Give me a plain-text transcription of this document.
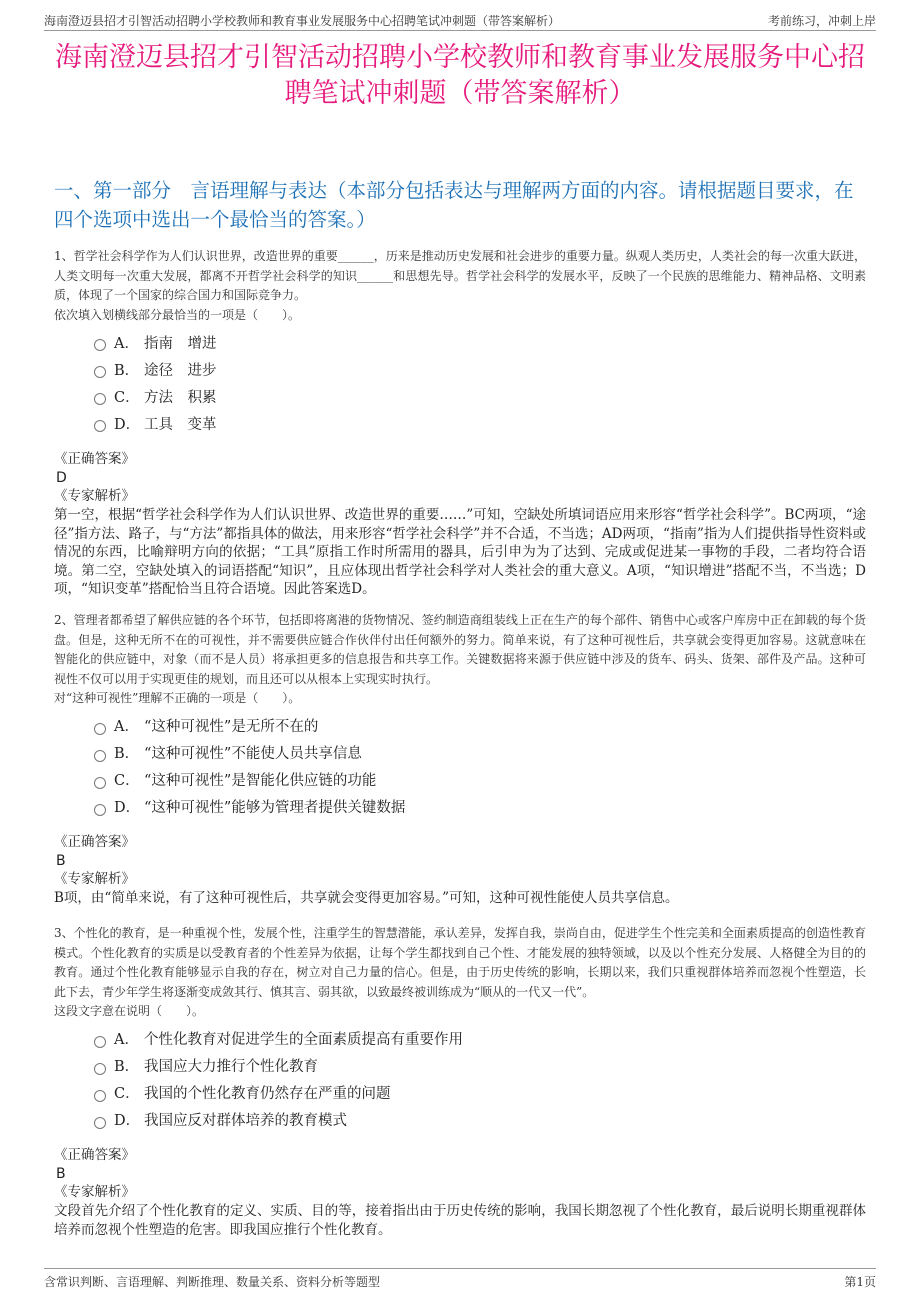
海南澄迈县招才引智活动招聘小学校教师和教育事业发展服务中心招聘笔试冲刺题（带答案解析）	考前练习，冲刺上岸
海南澄迈县招才引智活动招聘小学校教师和教育事业发展服务中心招聘笔试冲刺题（带答案解析）
一、第一部分　言语理解与表达（本部分包括表达与理解两方面的内容。请根据题目要求，在四个选项中选出一个最恰当的答案。）

1、哲学社会科学作为人们认识世界，改造世界的重要______，历来是推动历史发展和社会进步的重要力量。纵观人类历史，人类社会的每一次重大跃进，人类文明每一次重大发展，都离不开哲学社会科学的知识______和思想先导。哲学社会科学的发展水平，反映了一个民族的思维能力、精神品格、文明素质，体现了一个国家的综合国力和国际竞争力。

依次填入划横线部分最恰当的一项是（　　）。

A． 指南　增进
B． 途径　进步
C． 方法　积累
D． 工具　变革

《正确答案》

D

《专家解析》

第一空，根据“哲学社会科学作为人们认识世界、改造世界的重要……”可知，空缺处所填词语应用来形容“哲学社会科学”。BC两项，“途径”指方法、路子，与“方法”都指具体的做法，用来形容“哲学社会科学”并不合适，不当选；AD两项，“指南”指为人们提供指导性资料或情况的东西，比喻辩明方向的依据；“工具”原指工作时所需用的器具，后引申为为了达到、完成或促进某一事物的手段，二者均符合语境。第二空，空缺处填入的词语搭配“知识”，且应体现出哲学社会科学对人类社会的重大意义。A项，“知识增进”搭配不当，不当选；D项，“知识变革”搭配恰当且符合语境。因此答案选D。

2、管理者都希望了解供应链的各个环节，包括即将离港的货物情况、签约制造商组装线上正在生产的每个部件、销售中心或客户库房中正在卸载的每个货盘。但是，这种无所不在的可视性，并不需要供应链合作伙伴付出任何额外的努力。简单来说，有了这种可视性后，共享就会变得更加容易。这就意味在智能化的供应链中，对象（而不是人员）将承担更多的信息报告和共享工作。关键数据将来源于供应链中涉及的货车、码头、货架、部件及产品。这种可视性不仅可以用于实现更佳的规划，而且还可以从根本上实现实时执行。

对“这种可视性”理解不正确的一项是（　　）。

A． “这种可视性”是无所不在的
B． “这种可视性”不能使人员共享信息
C． “这种可视性”是智能化供应链的功能
D． “这种可视性”能够为管理者提供关键数据

《正确答案》

B

《专家解析》

B项，由“简单来说，有了这种可视性后，共享就会变得更加容易。”可知，这种可视性能使人员共享信息。

3、个性化的教育，是一种重视个性，发展个性，注重学生的智慧潜能，承认差异，发挥自我，崇尚自由，促进学生个性完美和全面素质提高的创造性教育模式。个性化教育的实质是以受教育者的个性差异为依据，让每个学生都找到自己个性、才能发展的独特领域，以及以个性充分发展、人格健全为目的的教育。通过个性化教育能够显示自我的存在，树立对自己力量的信心。但是，由于历史传统的影响，长期以来，我们只重视群体培养而忽视个性塑造，长此下去，青少年学生将逐渐变成敛其行、慎其言、弱其欲，以致最终被训练成为“顺从的一代又一代”。

这段文字意在说明（　　）。

A． 个性化教育对促进学生的全面素质提高有重要作用
B． 我国应大力推行个性化教育
C． 我国的个性化教育仍然存在严重的问题
D． 我国应反对群体培养的教育模式

《正确答案》

B

《专家解析》

文段首先介绍了个性化教育的定义、实质、目的等，接着指出由于历史传统的影响，我国长期忽视了个性化教育，最后说明长期重视群体培养而忽视个性塑造的危害。即我国应推行个性化教育。

含常识判断、言语理解、判断推理、数量关系、资料分析等题型	第1页
